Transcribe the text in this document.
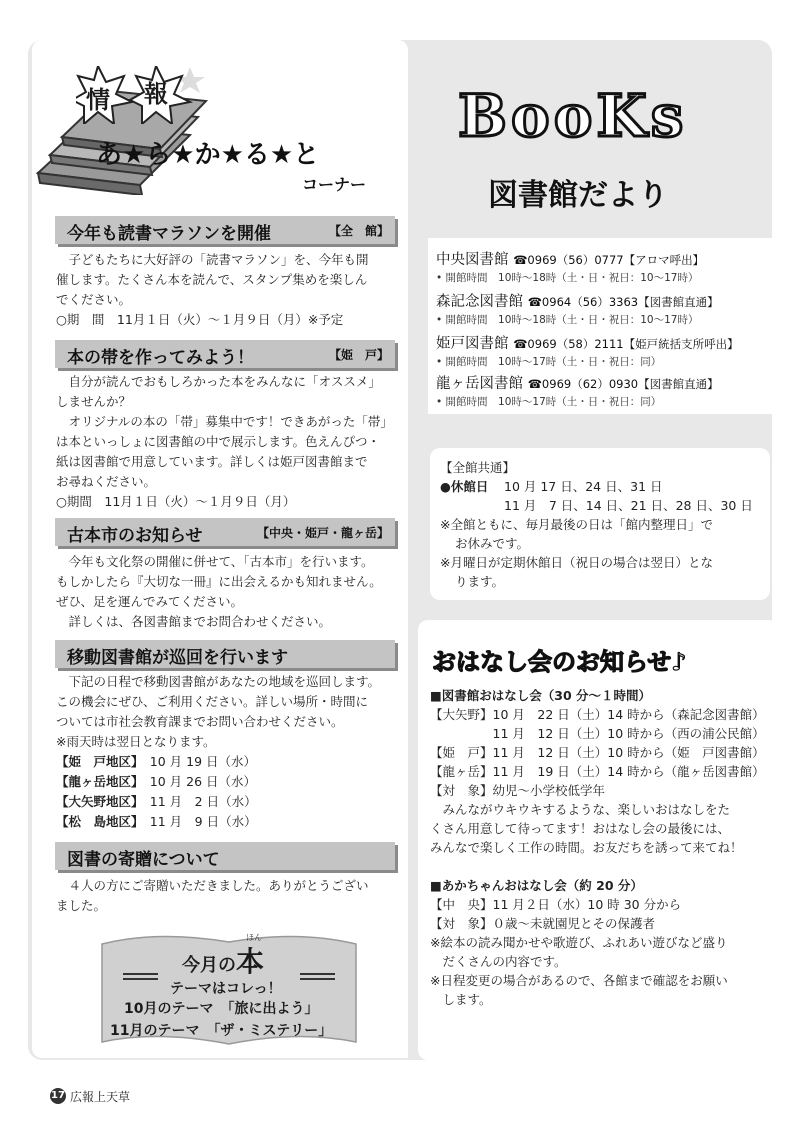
情 報
あ★ら★か★る★と
コーナー
BooKs
図書館だより
今年も読書マラソンを開催	【全　館】

子どもたちに大好評の「読書マラソン」を、今年も開

催します。たくさん本を読んで、スタンプ集めを楽しん

でください。

○期　間　11月１日（火）～１月９日（月）※予定

本の帯を作ってみよう！	【姫　戸】

自分が読んでおもしろかった本をみんなに「オススメ」

しませんか？

オリジナルの本の「帯」募集中です！できあがった「帯」

は本といっしょに図書館の中で展示します。色えんぴつ・

紙は図書館で用意しています。詳しくは姫戸図書館まで

お尋ねください。

○期間　11月１日（火）～１月９日（月）

古本市のお知らせ	【中央・姫戸・龍ヶ岳】

今年も文化祭の開催に併せて、「古本市」を行います。

もしかしたら『大切な一冊』に出会えるかも知れません。

ぜひ、足を運んでみてください。

詳しくは、各図書館までお問合わせください。

移動図書館が巡回を行います

下記の日程で移動図書館があなたの地域を巡回します。

この機会にぜひ、ご利用ください。詳しい場所・時間に

ついては市社会教育課までお問い合わせください。

※雨天時は翌日となります。

【姫　戸地区】　 10 月 19 日（水）

【龍ヶ岳地区】　 10 月 26 日（水）

【大矢野地区】　 11 月　2 日（水）

【松　島地区】　 11 月　9 日（水）

図書の寄贈について

４人の方にご寄贈いただきました。ありがとうござい

ました。

ほん
今月の本
テーマはコレっ！
10月のテーマ　「旅に出よう」
11月のテーマ　「ザ・ミステリー」
中央図書館 ☎0969（56）0777【アロマ呼出】
• 開館時間　10時～18時（土・日・祝日：10～17時）
森記念図書館 ☎0964（56）3363【図書館直通】
• 開館時間　10時～18時（土・日・祝日：10～17時）
姫戸図書館 ☎0969（58）2111【姫戸統括支所呼出】
• 開館時間　10時～17時（土・日・祝日：同）
龍ヶ岳図書館 ☎0969（62）0930【図書館直通】
• 開館時間　10時～17時（土・日・祝日：同）

【全館共通】

●休館日 10 月 17 日、24 日、31 日

11 月　7 日、14 日、21 日、28 日、30 日

※全館ともに、毎月最後の日は「館内整理日」で

お休みです。

※月曜日が定期休館日（祝日の場合は翌日）とな

ります。

おはなし会のお知らせ♪

■図書館おはなし会（30 分～１時間）

【大矢野】10 月　22 日（土）14 時から（森記念図書館）

　　　　　11 月　12 日（土）10 時から（西の浦公民館）

【姫　戸】11 月　12 日（土）10 時から（姫　戸図書館）

【龍ヶ岳】11 月　19 日（土）14 時から（龍ヶ岳図書館）

【対　象】幼児～小学校低学年

みんながウキウキするような、楽しいおはなしをた

くさん用意して待ってます！おはなし会の最後には、

みんなで楽しく工作の時間。お友だちを誘って来てね！

■あかちゃんおはなし会（約 20 分）

【中　央】11 月２日（水）10 時 30 分から

【対　象】０歳～未就園児とその保護者

※絵本の読み聞かせや歌遊び、ふれあい遊びなど盛り

　だくさんの内容です。

※日程変更の場合があるので、各館まで確認をお願い

　します。

17 広報上天草
